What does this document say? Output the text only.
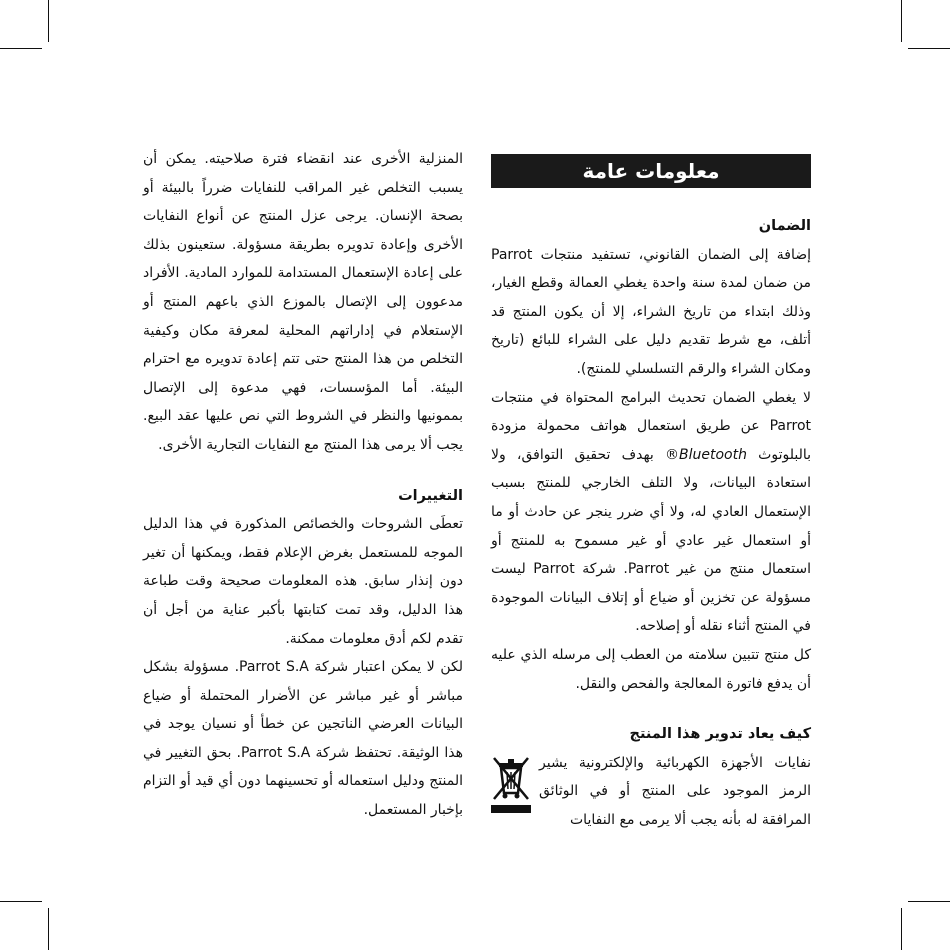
المنزلية الأخرى عند انقضاء فترة صلاحيته. يمكن أن يسبب التخلص غير المراقب للنفايات ضرراً بالبيئة أو بصحة الإنسان. يرجى عزل المنتج عن أنواع النفايات الأخرى وإعادة تدويره بطريقة مسؤولة. ستعينون بذلك على إعادة الإستعمال المستدامة للموارد المادية. الأفراد مدعوون إلى الإتصال بالموزع الذي باعهم المنتج أو الإستعلام في إداراتهم المحلية لمعرفة مكان وكيفية التخلص من هذا المنتج حتى تتم إعادة تدويره مع احترام البيئة. أما المؤسسات، فهي مدعوة إلى الإتصال بممونيها والنظر في الشروط التي نص عليها عقد البيع. يجب ألا يرمى هذا المنتج مع النفايات التجارية الأخرى.

التغييرات

تعطَى الشروحات والخصائص المذكورة في هذا الدليل الموجه للمستعمل بغرض الإعلام فقط، ويمكنها أن تغير دون إنذار سابق. هذه المعلومات صحيحة وقت طباعة هذا الدليل، وقد تمت كتابتها بأكبر عناية من أجل أن تقدم لكم أدق معلومات ممكنة.

لكن لا يمكن اعتبار شركة Parrot S.A. مسؤولة بشكل مباشر أو غير مباشر عن الأضرار المحتملة أو ضياع البيانات العرضي الناتجين عن خطأ أو نسيان يوجد في هذا الوثيقة. تحتفظ شركة Parrot S.A. بحق التغيير في المنتج ودليل استعماله أو تحسينهما دون أي قيد أو التزام بإخبار المستعمل.

معلومات عامة
الضمان

إضافة إلى الضمان القانوني، تستفيد منتجات Parrot من ضمان لمدة سنة واحدة يغطي العمالة وقطع الغيار، وذلك ابتداء من تاريخ الشراء، إلا أن يكون المنتج قد أتلف، مع شرط تقديم دليل على الشراء للبائع (تاريخ ومكان الشراء والرقم التسلسلي للمنتج).

لا يغطي الضمان تحديث البرامج المحتواة في منتجات Parrot عن طريق استعمال هواتف محمولة مزودة بالبلوتوث Bluetooth® بهدف تحقيق التوافق، ولا استعادة البيانات، ولا التلف الخارجي للمنتج بسبب الإستعمال العادي له، ولا أي ضرر ينجر عن حادث أو ما أو استعمال غير عادي أو غير مسموح به للمنتج أو استعمال منتج من غير Parrot. شركة Parrot ليست مسؤولة عن تخزين أو ضياع أو إتلاف البيانات الموجودة في المنتج أثناء نقله أو إصلاحه.

كل منتج تتبين سلامته من العطب إلى مرسله الذي عليه أن يدفع فاتورة المعالجة والفحص والنقل.

كيف يعاد تدوير هذا المنتج

نفايات الأجهزة الكهربائية والإلكترونية يشير الرمز الموجود على المنتج أو في الوثائق المرافقة له بأنه يجب ألا يرمى مع النفايات
